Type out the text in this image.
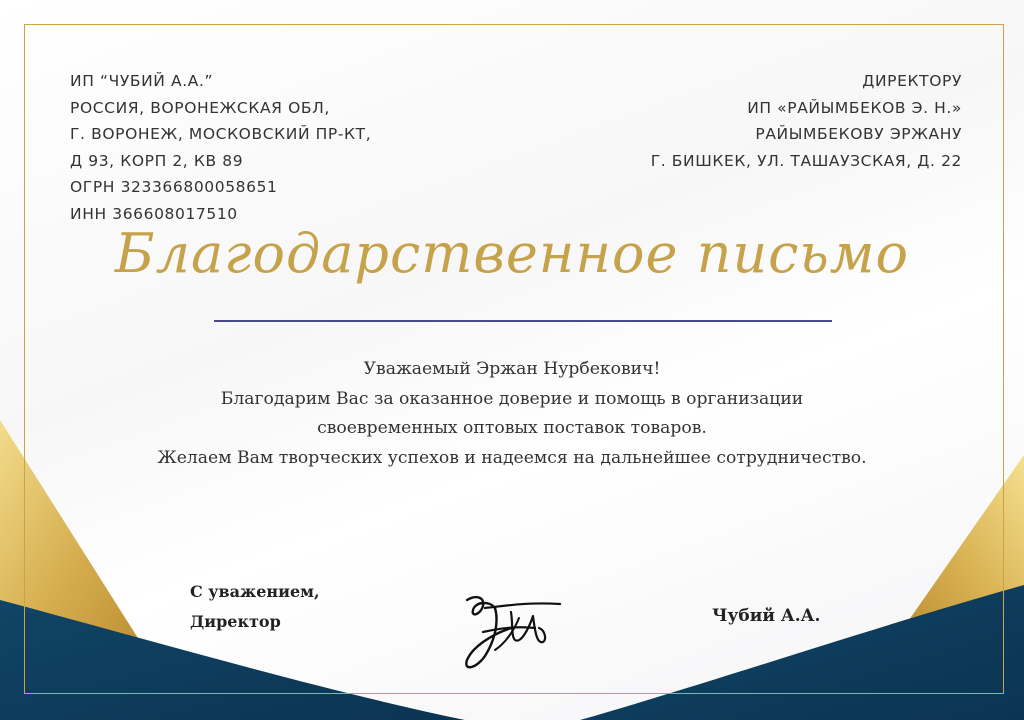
ИП “ЧУБИЙ А.А.”
РОССИЯ, ВОРОНЕЖСКАЯ ОБЛ,
Г. ВОРОНЕЖ, МОСКОВСКИЙ ПР-КТ,
Д 93, КОРП 2, КВ 89
ОГРН 323366800058651
ИНН 366608017510
ДИРЕКТОРУ
ИП «РАЙЫМБЕКОВ Э. Н.»
РАЙЫМБЕКОВУ ЭРЖАНУ
Г. БИШКЕК, УЛ. ТАШАУЗСКАЯ, Д. 22
Благодарственное письмо
Уважаемый Эржан Нурбекович!
Благодарим Вас за оказанное доверие и помощь в организации
своевременных оптовых поставок товаров.
Желаем Вам творческих успехов и надеемся на дальнейшее сотрудничество.
С уважением,
Директор	Чубий А.А.
